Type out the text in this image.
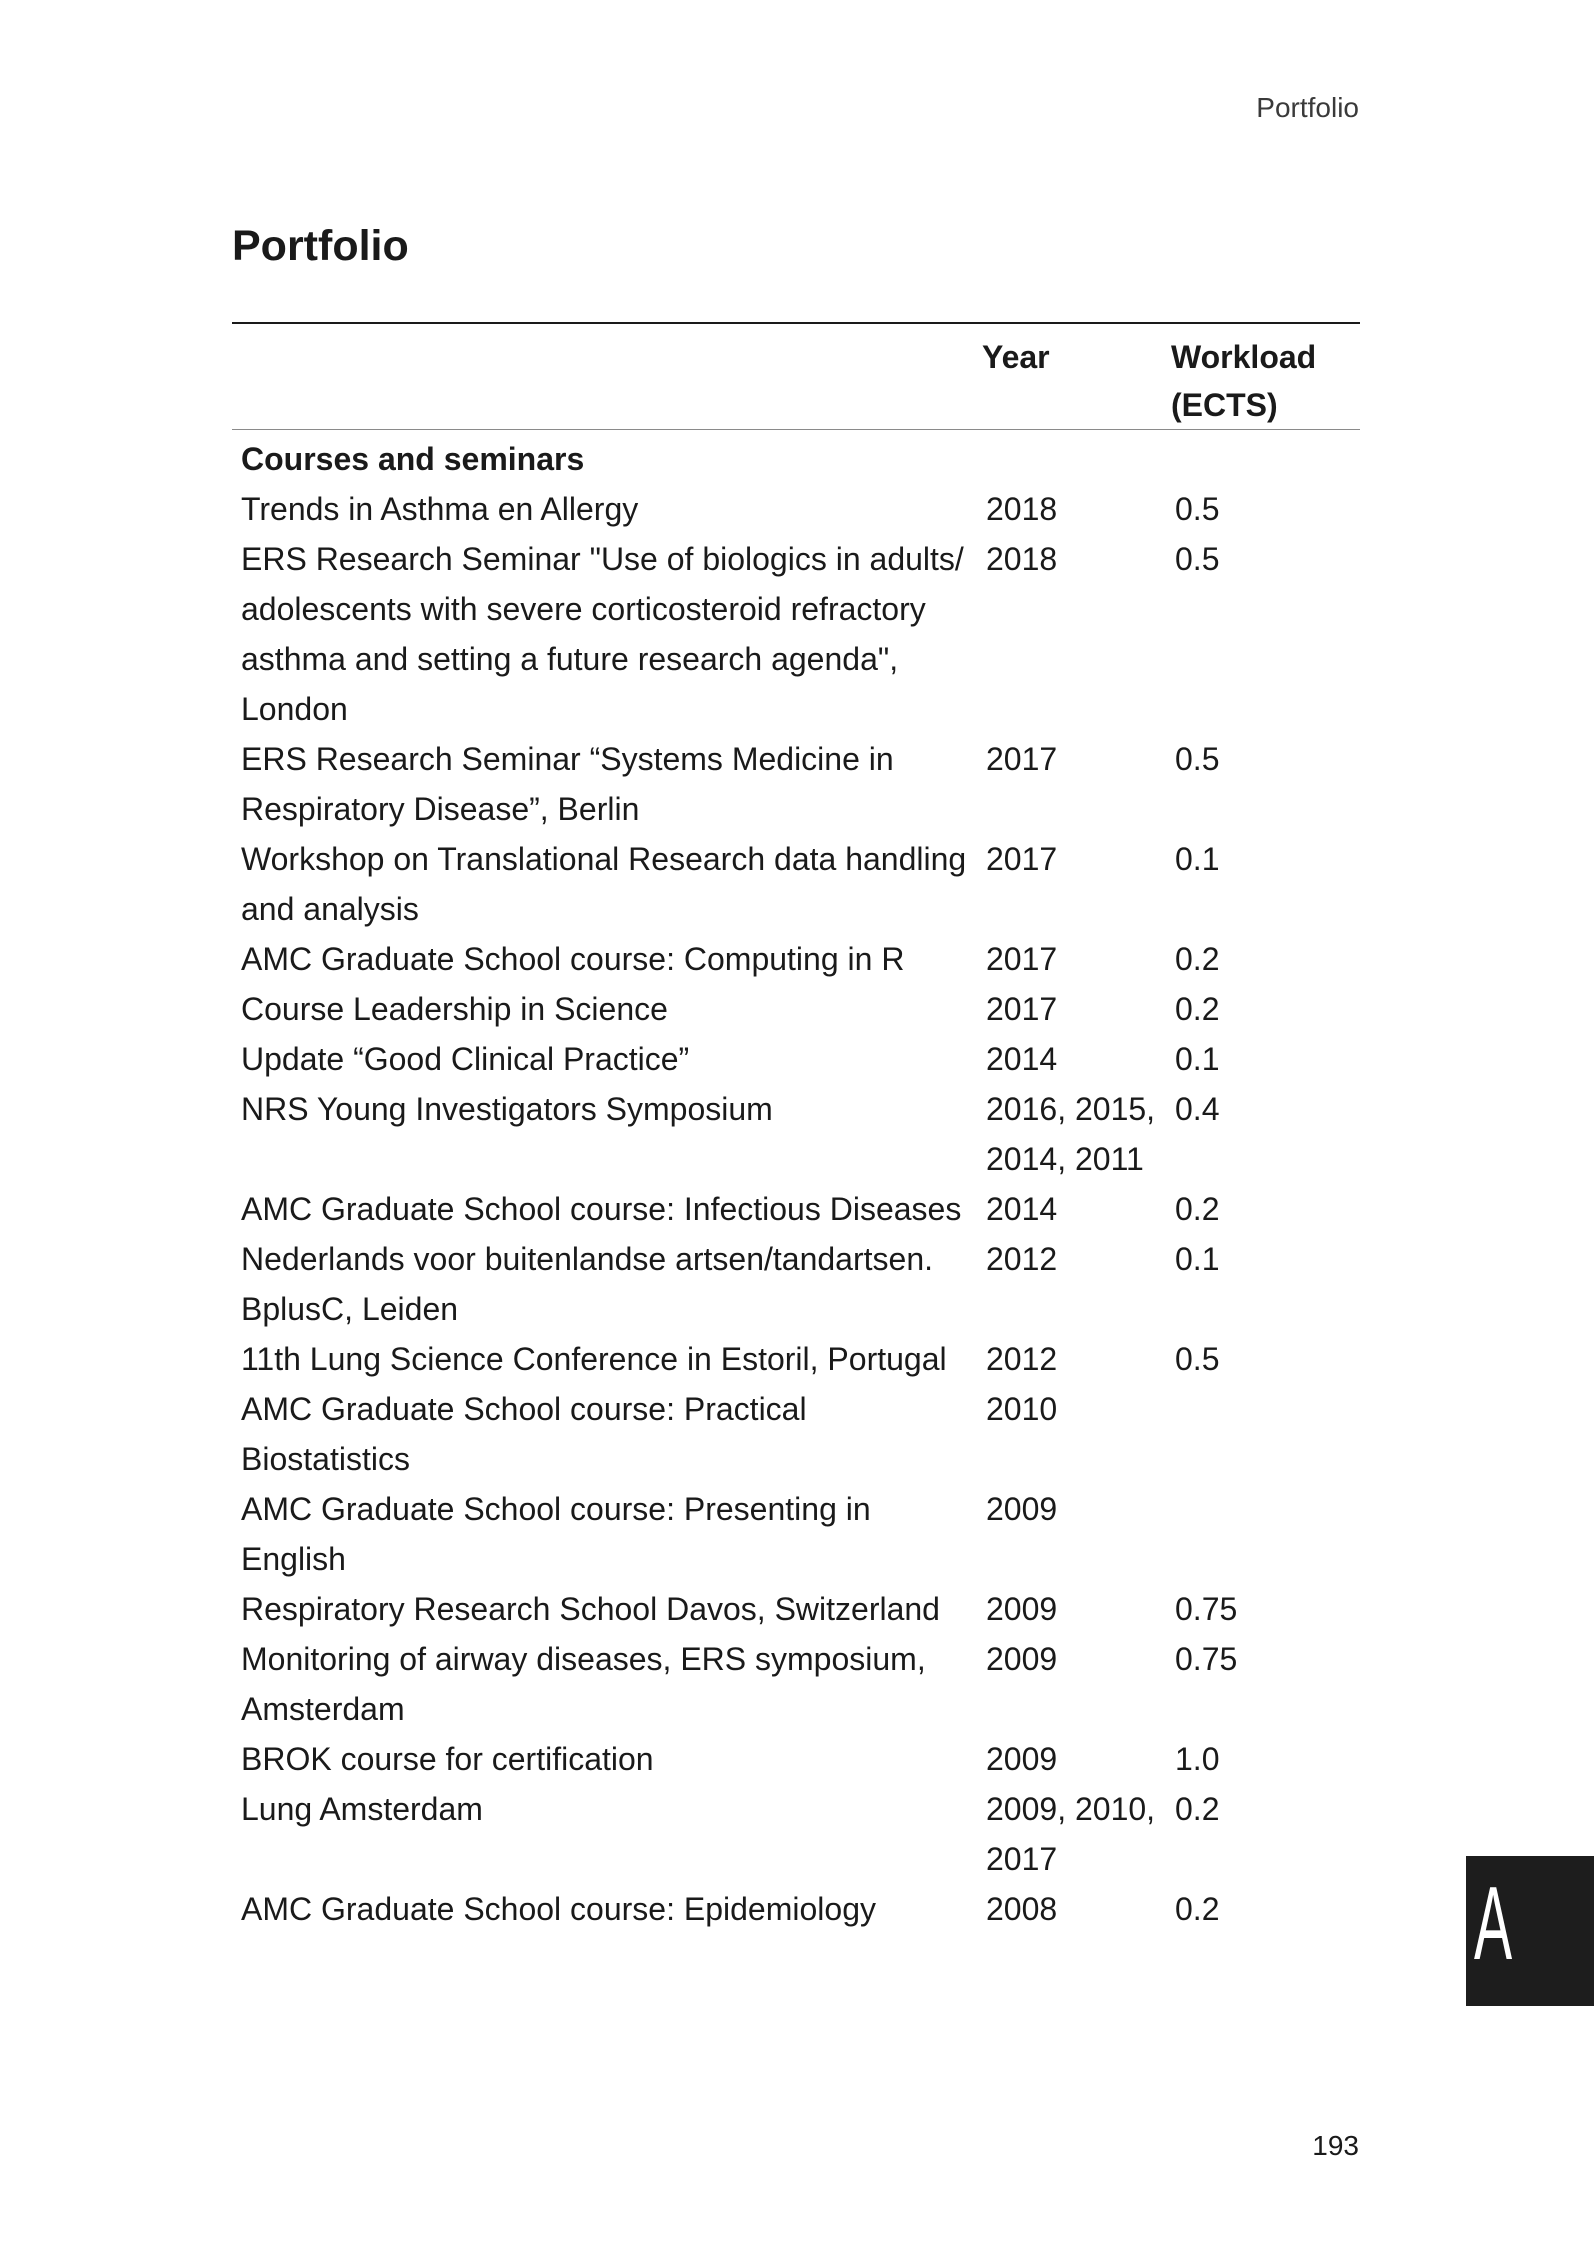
Portfolio
Portfolio
	Year	Workload
(ECTS)

Courses and seminars		
Trends in Asthma en Allergy	2018	0.5
ERS Research Seminar "Use of biologics in adults/ adolescents with severe corticosteroid refractory asthma and setting a future research agenda", London	2018	0.5
ERS Research Seminar “Systems Medicine in Respiratory Disease”, Berlin	2017	0.5
Workshop on Translational Research data handling and analysis	2017	0.1
AMC Graduate School course: Computing in R	2017	0.2
Course Leadership in Science	2017	0.2
Update “Good Clinical Practice”	2014	0.1
NRS Young Investigators Symposium	2016, 2015, 2014, 2011	0.4
AMC Graduate School course: Infectious Diseases	2014	0.2
Nederlands voor buitenlandse artsen/tandartsen. BplusC, Leiden	2012	0.1
11th Lung Science Conference in Estoril, Portugal	2012	0.5
AMC Graduate School course: Practical Biostatistics	2010	
AMC Graduate School course: Presenting in English	2009	
Respiratory Research School Davos, Switzerland	2009	0.75
Monitoring of airway diseases, ERS symposium, Amsterdam	2009	0.75
BROK course for certification	2009	1.0
Lung Amsterdam	2009, 2010, 2017	0.2
AMC Graduate School course: Epidemiology	2008	0.2 A
193
